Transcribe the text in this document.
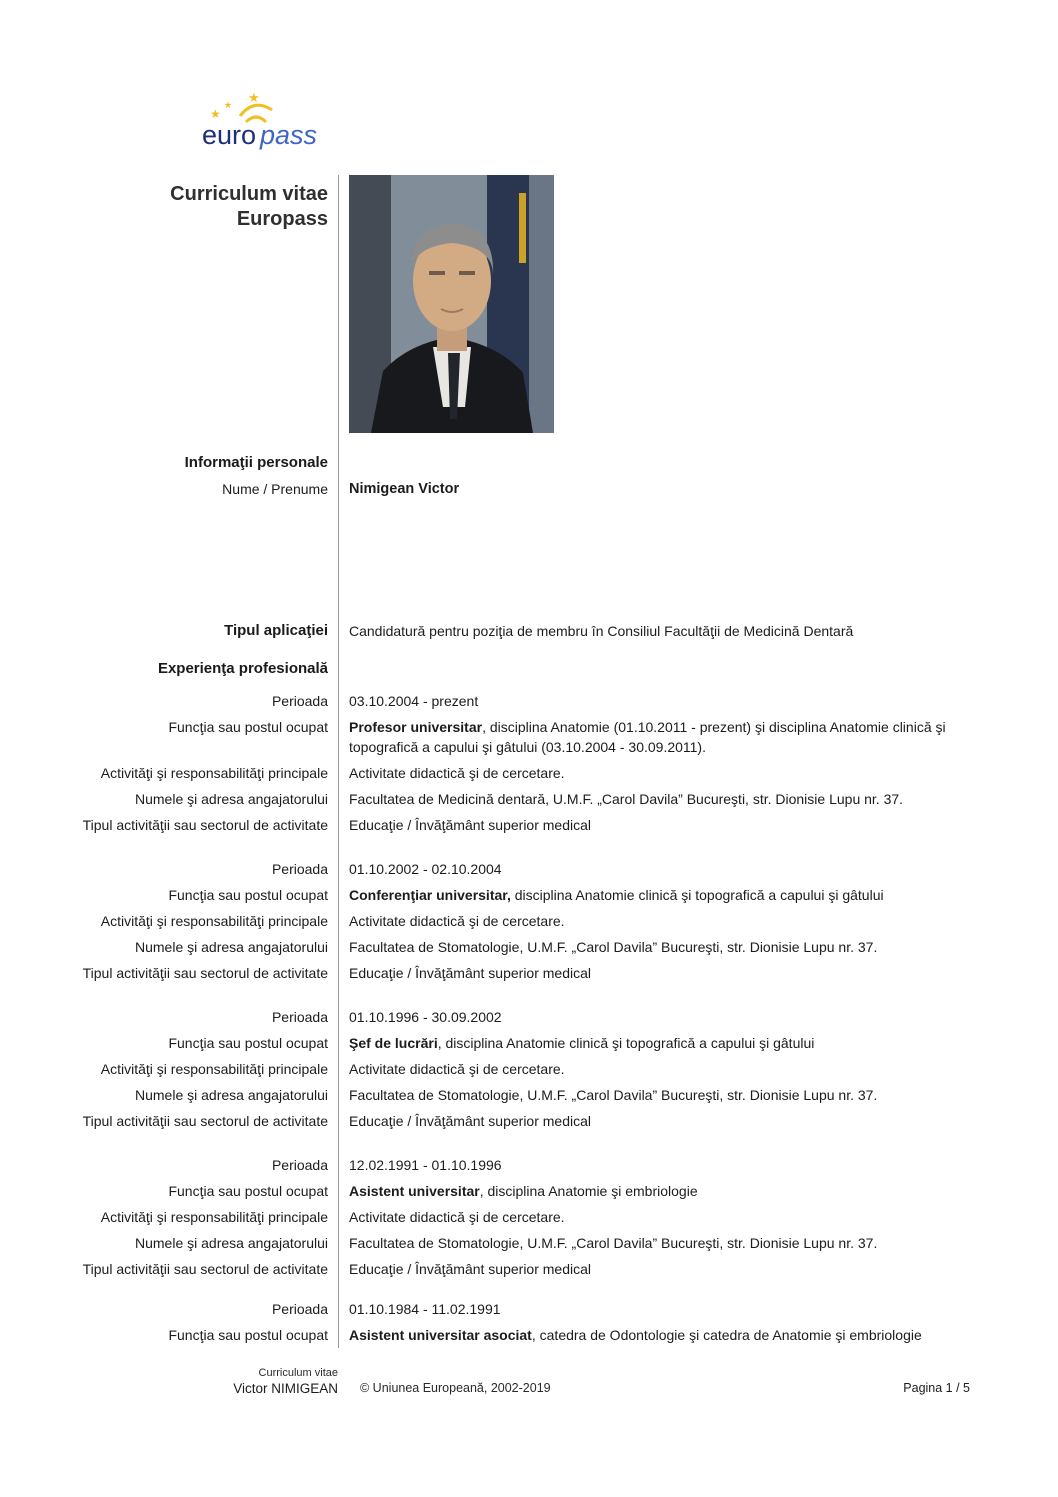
★
★ ★
euro pass
Curriculum vitae
Europass
Informaţii personale
Nume / Prenume	Nimigean Victor
Tipul aplicaţiei	Candidatură pentru poziţia de membru în Consiliul Facultăţii de Medicină Dentară
Experienţa profesională
Perioada	03.10.2004 - prezent
Funcţia sau postul ocupat	Profesor universitar, disciplina Anatomie (01.10.2011 - prezent) şi disciplina Anatomie clinică şi topografică a capului şi gâtului (03.10.2004 - 30.09.2011).
Activităţi şi responsabilităţi principale	Activitate didactică şi de cercetare.
Numele şi adresa angajatorului	Facultatea de Medicină dentară, U.M.F. „Carol Davila” Bucureşti, str. Dionisie Lupu nr. 37.
Tipul activităţii sau sectorul de activitate	Educaţie / Învăţământ superior medical
Perioada	01.10.2002 - 02.10.2004
Funcţia sau postul ocupat	Conferenţiar universitar, disciplina Anatomie clinică şi topografică a capului şi gâtului
Activităţi şi responsabilităţi principale	Activitate didactică şi de cercetare.
Numele şi adresa angajatorului	Facultatea de Stomatologie, U.M.F. „Carol Davila” Bucureşti, str. Dionisie Lupu nr. 37.
Tipul activităţii sau sectorul de activitate	Educaţie / Învăţământ superior medical
Perioada	01.10.1996 - 30.09.2002
Funcţia sau postul ocupat	Şef de lucrări, disciplina Anatomie clinică şi topografică a capului şi gâtului
Activităţi şi responsabilităţi principale	Activitate didactică şi de cercetare.
Numele şi adresa angajatorului	Facultatea de Stomatologie, U.M.F. „Carol Davila” Bucureşti, str. Dionisie Lupu nr. 37.
Tipul activităţii sau sectorul de activitate	Educaţie / Învăţământ superior medical
Perioada	12.02.1991 - 01.10.1996
Funcţia sau postul ocupat	Asistent universitar, disciplina Anatomie şi embriologie
Activităţi şi responsabilităţi principale	Activitate didactică şi de cercetare.
Numele şi adresa angajatorului	Facultatea de Stomatologie, U.M.F. „Carol Davila” Bucureşti, str. Dionisie Lupu nr. 37.
Tipul activităţii sau sectorul de activitate	Educaţie / Învăţământ superior medical
Perioada	01.10.1984 - 11.02.1991
Funcţia sau postul ocupat	Asistent universitar asociat, catedra de Odontologie şi catedra de Anatomie şi embriologie
Curriculum vitae
Victor NIMIGEAN	© Uniunea Europeană, 2002-2019	Pagina 1 / 5
